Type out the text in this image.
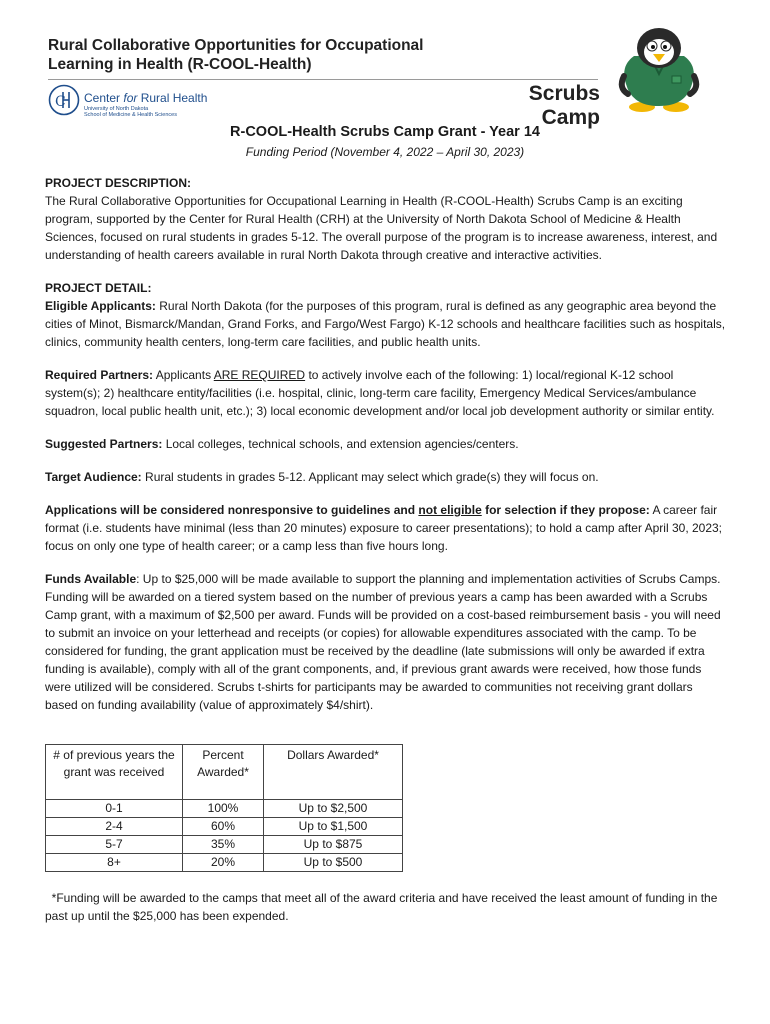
Rural Collaborative Opportunities for Occupational Learning in Health (R-COOL-Health)
C Center for Rural Health
University of North Dakota
School of Medicine & Health Sciences
Scrubs Camp
R-COOL-Health Scrubs Camp Grant - Year 14
Funding Period (November 4, 2022 – April 30, 2023)

PROJECT DESCRIPTION:

The Rural Collaborative Opportunities for Occupational Learning in Health (R-COOL-Health) Scrubs Camp is an exciting program, supported by the Center for Rural Health (CRH) at the University of North Dakota School of Medicine & Health Sciences, focused on rural students in grades 5-12. The overall purpose of the program is to increase awareness, interest, and understanding of health careers available in rural North Dakota through creative and interactive activities.

PROJECT DETAIL:

Eligible Applicants: Rural North Dakota (for the purposes of this program, rural is defined as any geographic area beyond the cities of Minot, Bismarck/Mandan, Grand Forks, and Fargo/West Fargo) K-12 schools and healthcare facilities such as hospitals, clinics, community health centers, long-term care facilities, and public health units.

Required Partners: Applicants ARE REQUIRED to actively involve each of the following: 1) local/regional K-12 school system(s); 2) healthcare entity/facilities (i.e. hospital, clinic, long-term care facility, Emergency Medical Services/ambulance squadron, local public health unit, etc.); 3) local economic development and/or local job development authority or similar entity.

Suggested Partners: Local colleges, technical schools, and extension agencies/centers.

Target Audience: Rural students in grades 5-12. Applicant may select which grade(s) they will focus on.

Applications will be considered nonresponsive to guidelines and not eligible for selection if they propose: A career fair format (i.e. students have minimal (less than 20 minutes) exposure to career presentations); to hold a camp after April 30, 2023; focus on only one type of health career; or a camp less than five hours long.

Funds Available: Up to $25,000 will be made available to support the planning and implementation activities of Scrubs Camps. Funding will be awarded on a tiered system based on the number of previous years a camp has been awarded with a Scrubs Camp grant, with a maximum of $2,500 per award. Funds will be provided on a cost-based reimbursement basis - you will need to submit an invoice on your letterhead and receipts (or copies) for allowable expenditures associated with the camp. To be considered for funding, the grant application must be received by the deadline (late submissions will only be awarded if extra funding is available), comply with all of the grant components, and, if previous grant awards were received, how those funds were utilized will be considered. Scrubs t-shirts for participants may be awarded to communities not receiving grant dollars based on funding availability (value of approximately $4/shirt).

# of previous years the grant was received	Percent Awarded*	Dollars Awarded*
0-1	100%	Up to $2,500
2-4	60%	Up to $1,500
5-7	35%	Up to $875
8+	20%	Up to $500
*Funding will be awarded to the camps that meet all of the award criteria and have received the least amount of funding in the past up until the $25,000 has been expended.
